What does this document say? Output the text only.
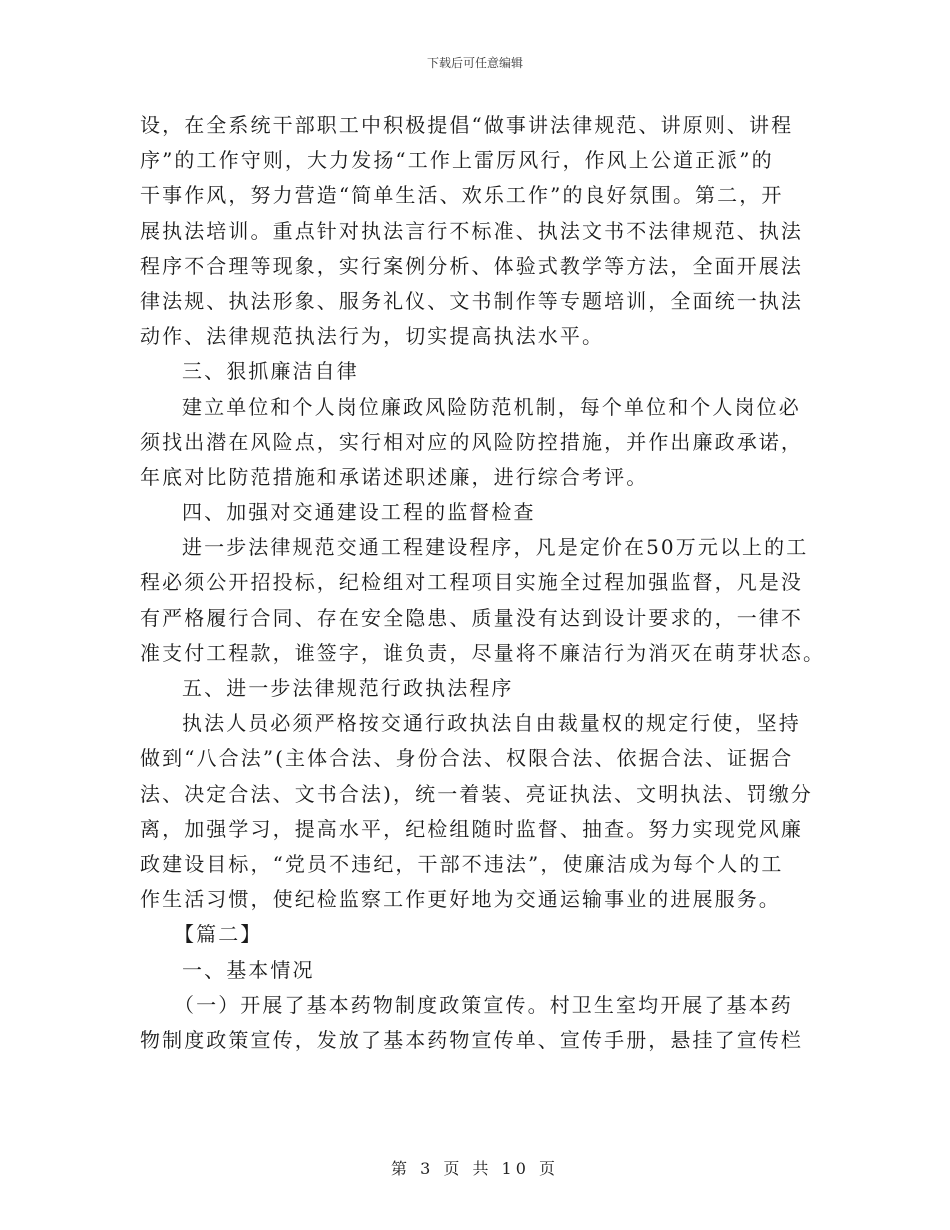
下载后可任意编辑
设，在全系统干部职工中积极提倡“做事讲法律规范、讲原则、讲程
序”的工作守则，大力发扬“工作上雷厉风行，作风上公道正派”的
干事作风，努力营造“简单生活、欢乐工作”的良好氛围。第二，开
展执法培训。重点针对执法言行不标准、执法文书不法律规范、执法
程序不合理等现象，实行案例分析、体验式教学等方法，全面开展法
律法规、执法形象、服务礼仪、文书制作等专题培训，全面统一执法
动作、法律规范执法行为，切实提高执法水平。
三、狠抓廉洁自律
建立单位和个人岗位廉政风险防范机制，每个单位和个人岗位必
须找出潜在风险点，实行相对应的风险防控措施，并作出廉政承诺，
年底对比防范措施和承诺述职述廉，进行综合考评。
四、加强对交通建设工程的监督检查
进一步法律规范交通工程建设程序，凡是定价在50万元以上的工
程必须公开招投标，纪检组对工程项目实施全过程加强监督，凡是没
有严格履行合同、存在安全隐患、质量没有达到设计要求的，一律不
准支付工程款，谁签字，谁负责，尽量将不廉洁行为消灭在萌芽状态。
五、进一步法律规范行政执法程序
执法人员必须严格按交通行政执法自由裁量权的规定行使，坚持
做到“八合法”(主体合法、身份合法、权限合法、依据合法、证据合
法、决定合法、文书合法)，统一着装、亮证执法、文明执法、罚缴分
离，加强学习，提高水平，纪检组随时监督、抽查。努力实现党风廉
政建设目标，“党员不违纪，干部不违法”，使廉洁成为每个人的工
作生活习惯，使纪检监察工作更好地为交通运输事业的进展服务。
【篇二】
一、基本情况
（一）开展了基本药物制度政策宣传。村卫生室均开展了基本药
物制度政策宣传，发放了基本药物宣传单、宣传手册，悬挂了宣传栏
第 3 页 共 10 页
